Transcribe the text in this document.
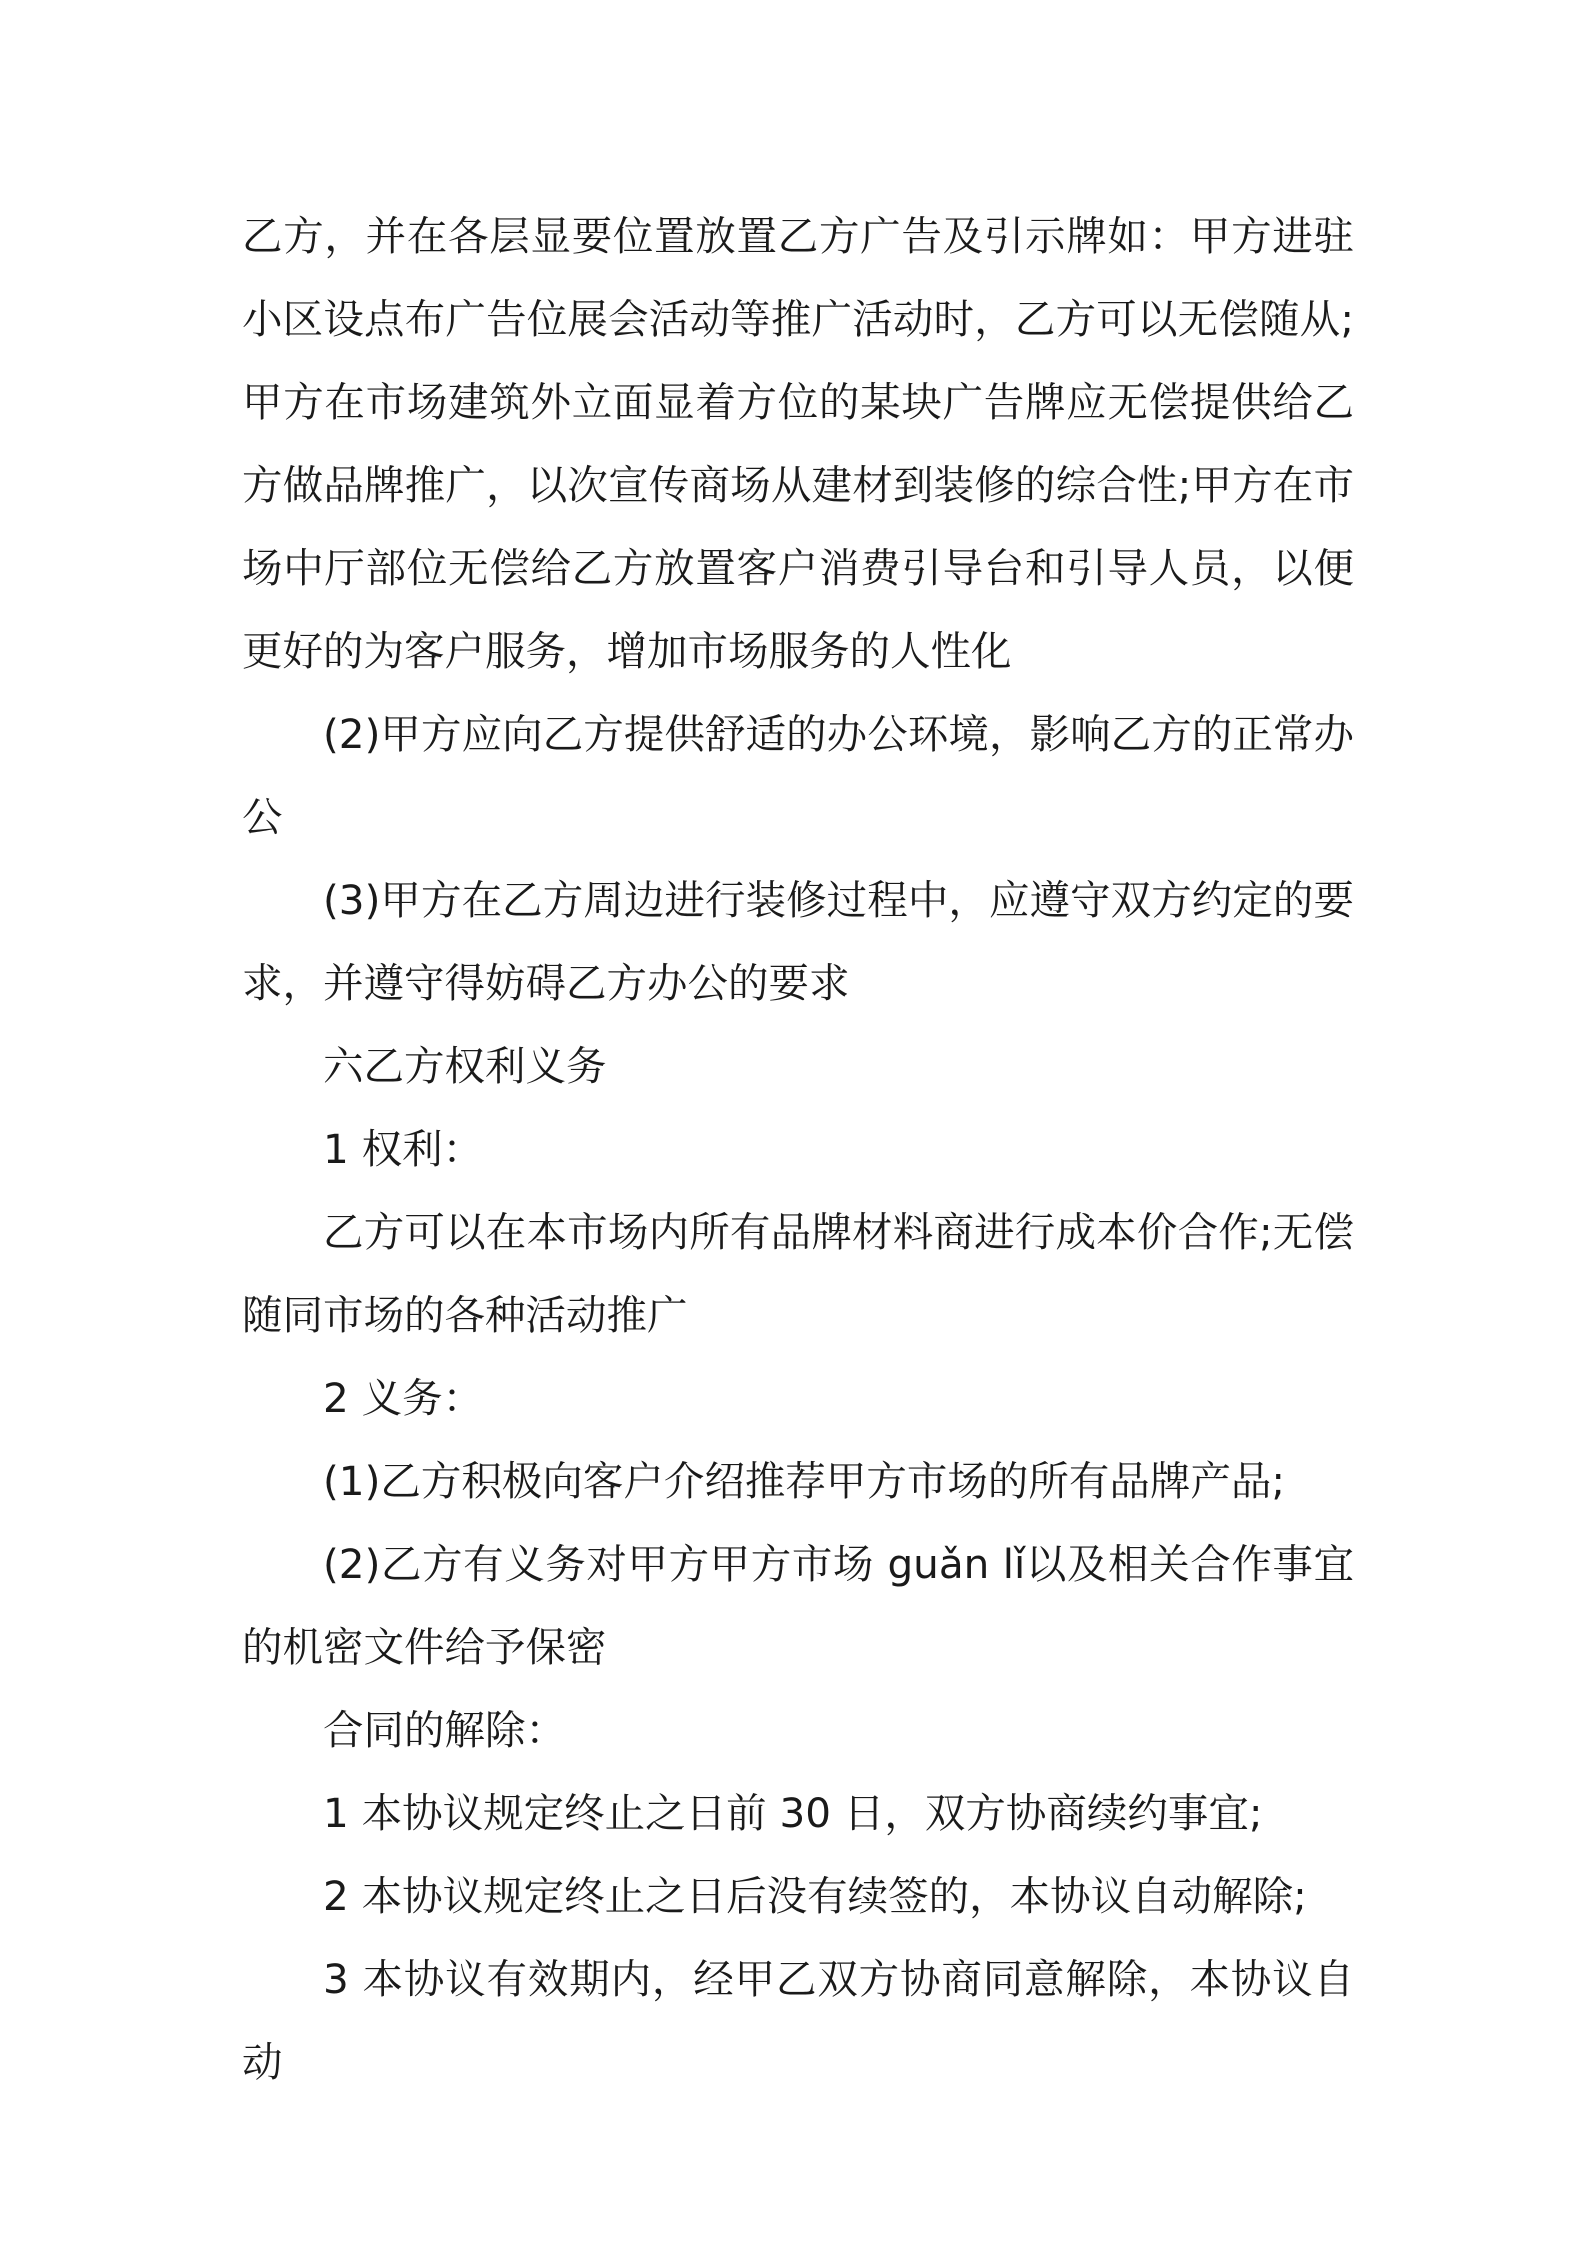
乙方，并在各层显要位置放置乙方广告及引示牌如：甲方进驻小区设点布广告位展会活动等推广活动时，乙方可以无偿随从;甲方在市场建筑外立面显着方位的某块广告牌应无偿提供给乙方做品牌推广，以次宣传商场从建材到装修的综合性;甲方在市场中厅部位无偿给乙方放置客户消费引导台和引导人员，以便更好的为客户服务，增加市场服务的人性化

(2)甲方应向乙方提供舒适的办公环境，影响乙方的正常办公

(3)甲方在乙方周边进行装修过程中，应遵守双方约定的要求，并遵守得妨碍乙方办公的要求

六乙方权利义务

1 权利：

乙方可以在本市场内所有品牌材料商进行成本价合作;无偿随同市场的各种活动推广

2 义务：

(1)乙方积极向客户介绍推荐甲方市场的所有品牌产品;

(2)乙方有义务对甲方甲方市场 guǎn lǐ以及相关合作事宜的机密文件给予保密

合同的解除：

1 本协议规定终止之日前 30 日，双方协商续约事宜;

2 本协议规定终止之日后没有续签的，本协议自动解除;

3 本协议有效期内，经甲乙双方协商同意解除，本协议自动
